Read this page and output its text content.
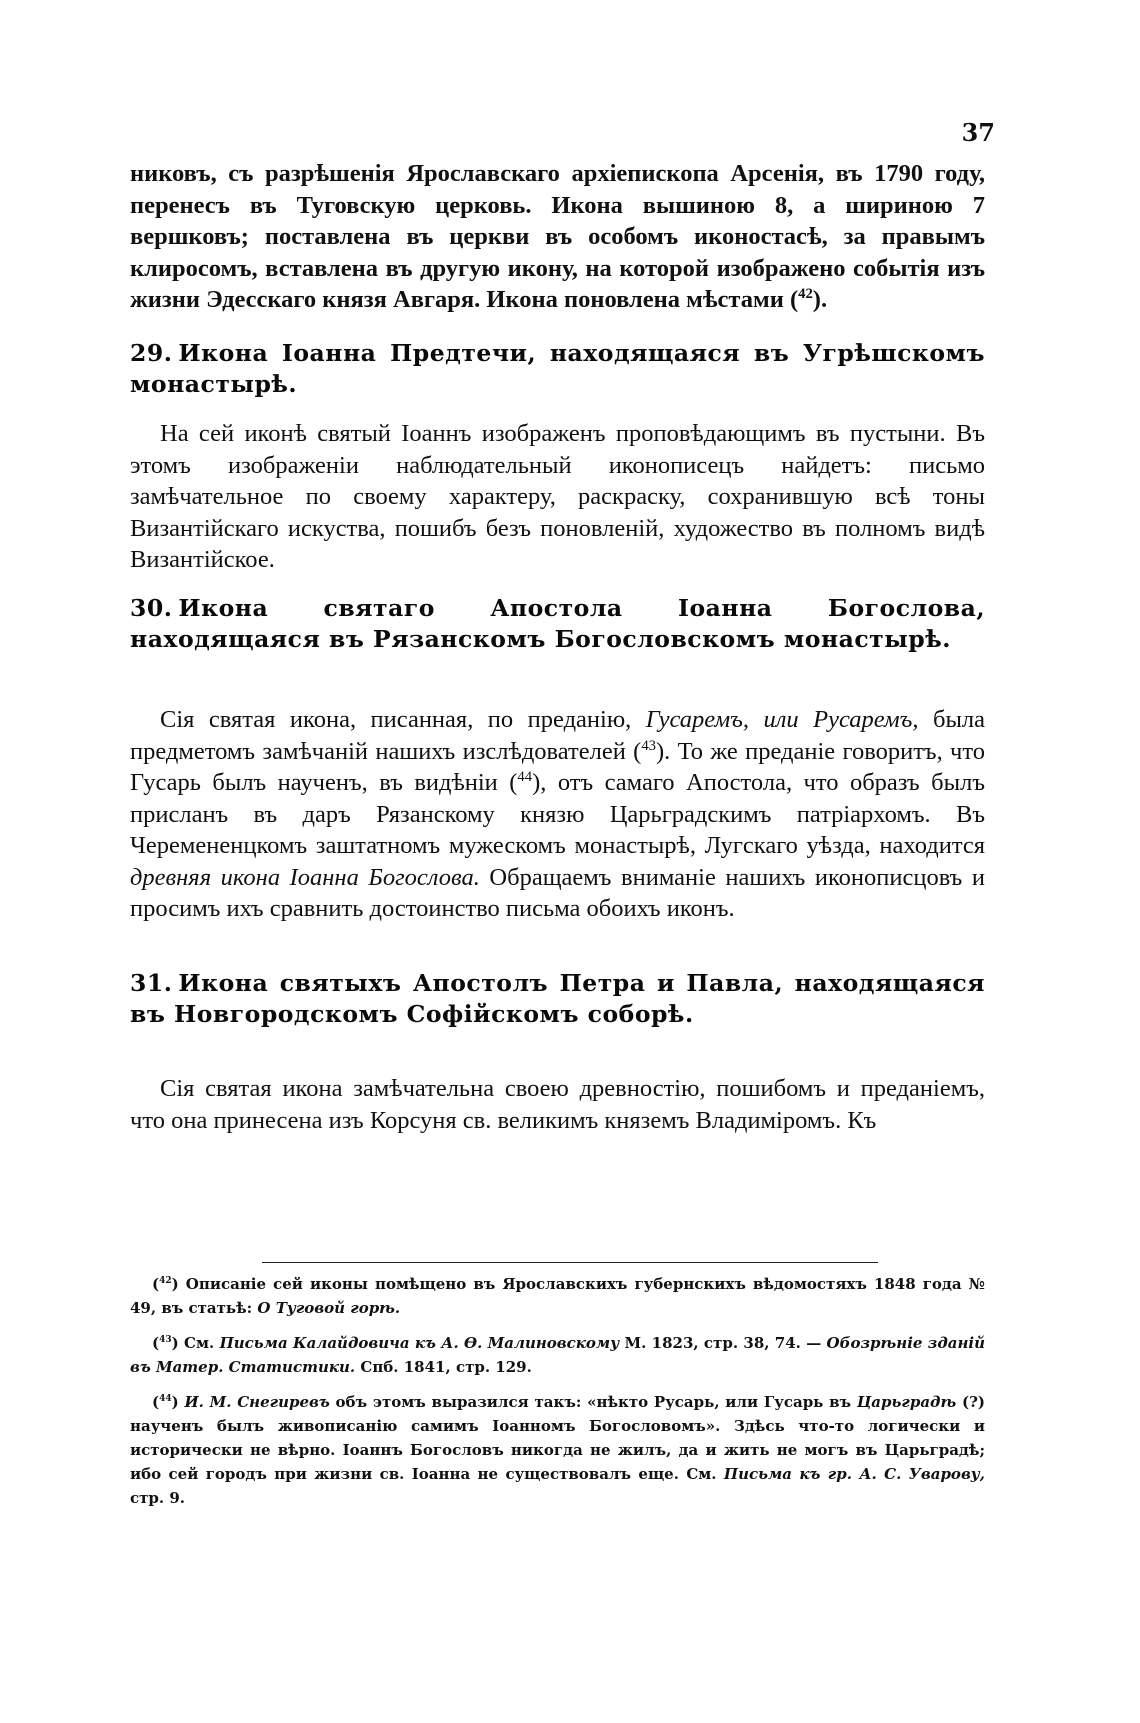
37
никовъ, съ разрѣшенія Ярославскаго архіепископа Арсенія, въ 1790 году, перенесъ въ Туговскую церковь. Икона вышиною 8, а шириною 7 вершковъ; поставлена въ церкви въ особомъ иконостасѣ, за правымъ клиросомъ, вставлена въ другую икону, на которой изображено событія изъ жизни Эдесскаго князя Авгаря. Икона поновлена мѣстами ($^{42}$).
29. Икона Іоанна Предтечи, находящаяся въ Угрѣшскомъ монастырѣ.
На сей иконѣ святый Іоаннъ изображенъ проповѣдающимъ въ пустыни. Въ этомъ изображеніи наблюдательный иконописецъ найдетъ: письмо замѣчательное по своему характеру, раскраску, сохранившую всѣ тоны Византійскаго искуства, пошибъ безъ поновленій, художество въ полномъ видѣ Византійское.
30. Икона святаго Апостола Іоанна Богослова, находящаяся въ Рязанскомъ Богословскомъ монастырѣ.
Сія святая икона, писанная, по преданію, Гусаремъ, или Русаремъ, была предметомъ замѣчаній нашихъ изслѣдователей ($^{43}$). То же преданіе говоритъ, что Гусарь былъ наученъ, въ видѣніи ($^{44}$), отъ самаго Апостола, что образъ былъ присланъ въ даръ Рязанскому князю Царьградскимъ патріархомъ. Въ Черемененцкомъ заштатномъ мужескомъ монастырѣ, Лугскаго уѣзда, находится древняя икона Іоанна Богослова. Обращаемъ вниманіе нашихъ иконописцовъ и просимъ ихъ сравнить достоинство письма обоихъ иконъ.
31. Икона святыхъ Апостолъ Петра и Павла, находящаяся въ Новгородскомъ Софійскомъ соборѣ.
Сія святая икона замѣчательна своею древностію, пошибомъ и преданіемъ, что она принесена изъ Корсуня св. великимъ княземъ Владиміромъ. Къ
($^{42}$) Описаніе сей иконы помѣщено въ Ярославскихъ губернскихъ вѣдомостяхъ 1848 года № 49, въ статьѣ: О Туговой горѣ.
($^{43}$) См. Письма Калайдовича къ А. Ѳ. Малиновскому М. 1823, стр. 38, 74. — Обозрѣніе зданій въ Матер. Статистики. Спб. 1841, стр. 129.
($^{44}$) И. М. Снегиревъ объ этомъ выразился такъ: «нѣкто Русарь, или Гусарь въ Царьградѣ (?) наученъ былъ живописанію самимъ Іоанномъ Богословомъ». Здѣсь что-то логически и исторически не вѣрно. Іоаннъ Богословъ никогда не жилъ, да и жить не могъ въ Царьградѣ; ибо сей городъ при жизни св. Іоанна не существовалъ еще. См. Письма къ гр. А. С. Уварову, стр. 9.
